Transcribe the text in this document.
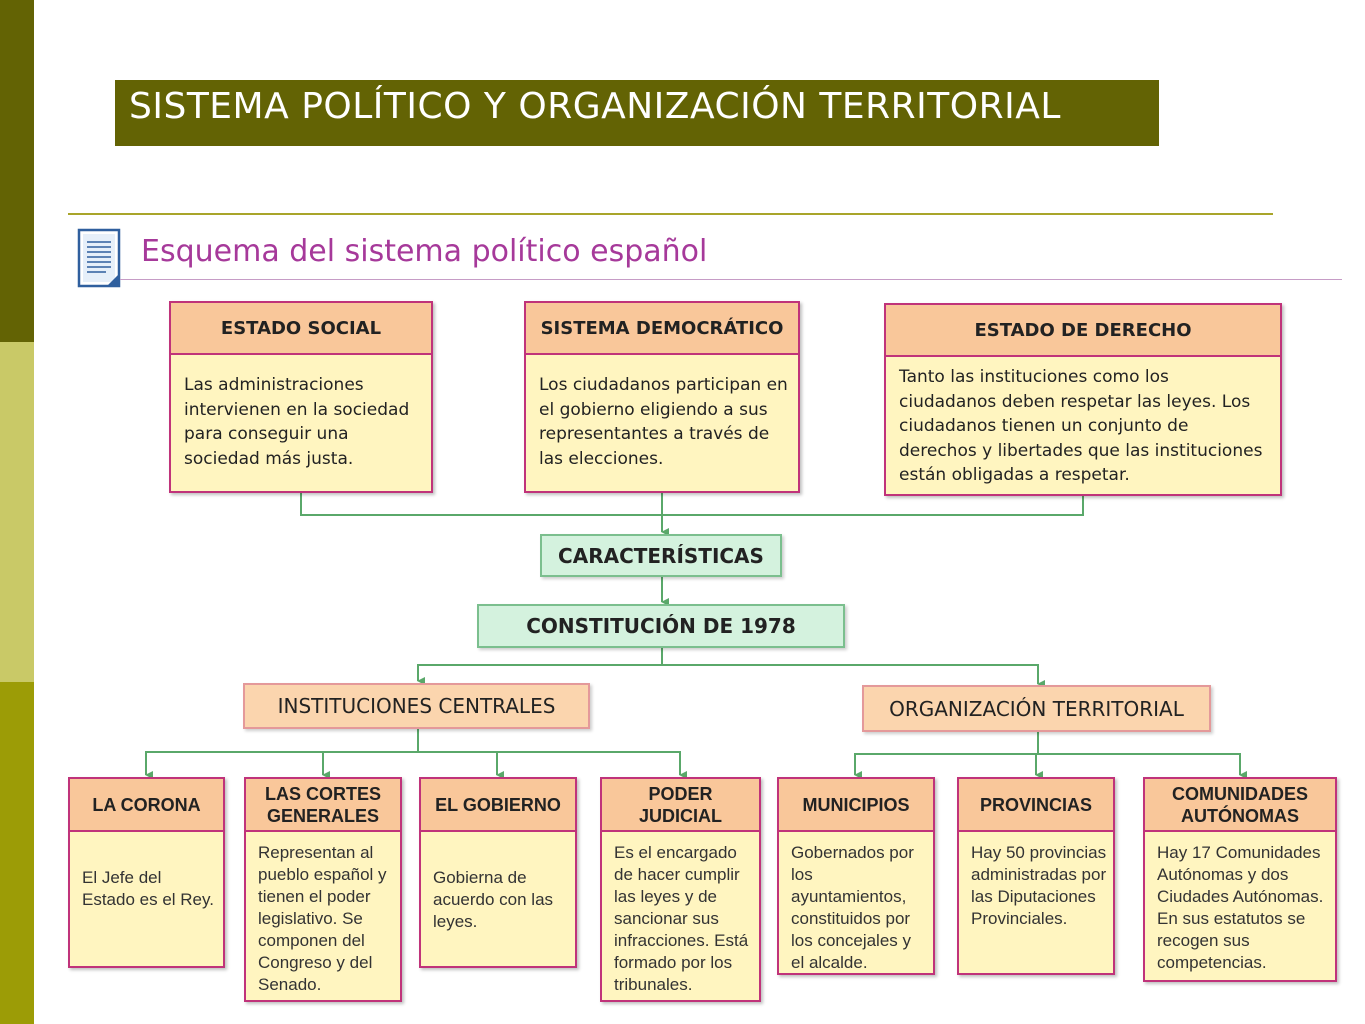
SISTEMA POLÍTICO Y ORGANIZACIÓN TERRITORIAL
Esquema del sistema político español
ESTADO SOCIAL
Las administraciones intervienen en la sociedad para conseguir una sociedad más justa.
SISTEMA DEMOCRÁTICO
Los ciudadanos participan en el gobierno eligiendo a sus representantes a través de las elecciones.
ESTADO DE DERECHO
Tanto las instituciones como los ciudadanos deben respetar las leyes. Los ciudadanos tienen un conjunto de derechos y libertades que las instituciones están obligadas a respetar.
CARACTERÍSTICAS
CONSTITUCIÓN DE 1978
INSTITUCIONES CENTRALES	ORGANIZACIÓN TERRITORIAL
LA CORONA
El Jefe del Estado es el Rey.
LAS CORTES GENERALES
Representan al pueblo español y tienen el poder legislativo. Se componen del Congreso y del Senado.
EL GOBIERNO
Gobierna de acuerdo con las leyes.
PODER JUDICIAL
Es el encargado de hacer cumplir las leyes y de sancionar sus infracciones. Está formado por los tribunales.
MUNICIPIOS
Gobernados por los ayuntamientos, constituidos por los concejales y el alcalde.
PROVINCIAS
Hay 50 provincias administradas por las Diputaciones Provinciales.
COMUNIDADES AUTÓNOMAS
Hay 17 Comunidades Autónomas y dos Ciudades Autónomas. En sus estatutos se recogen sus competencias.
